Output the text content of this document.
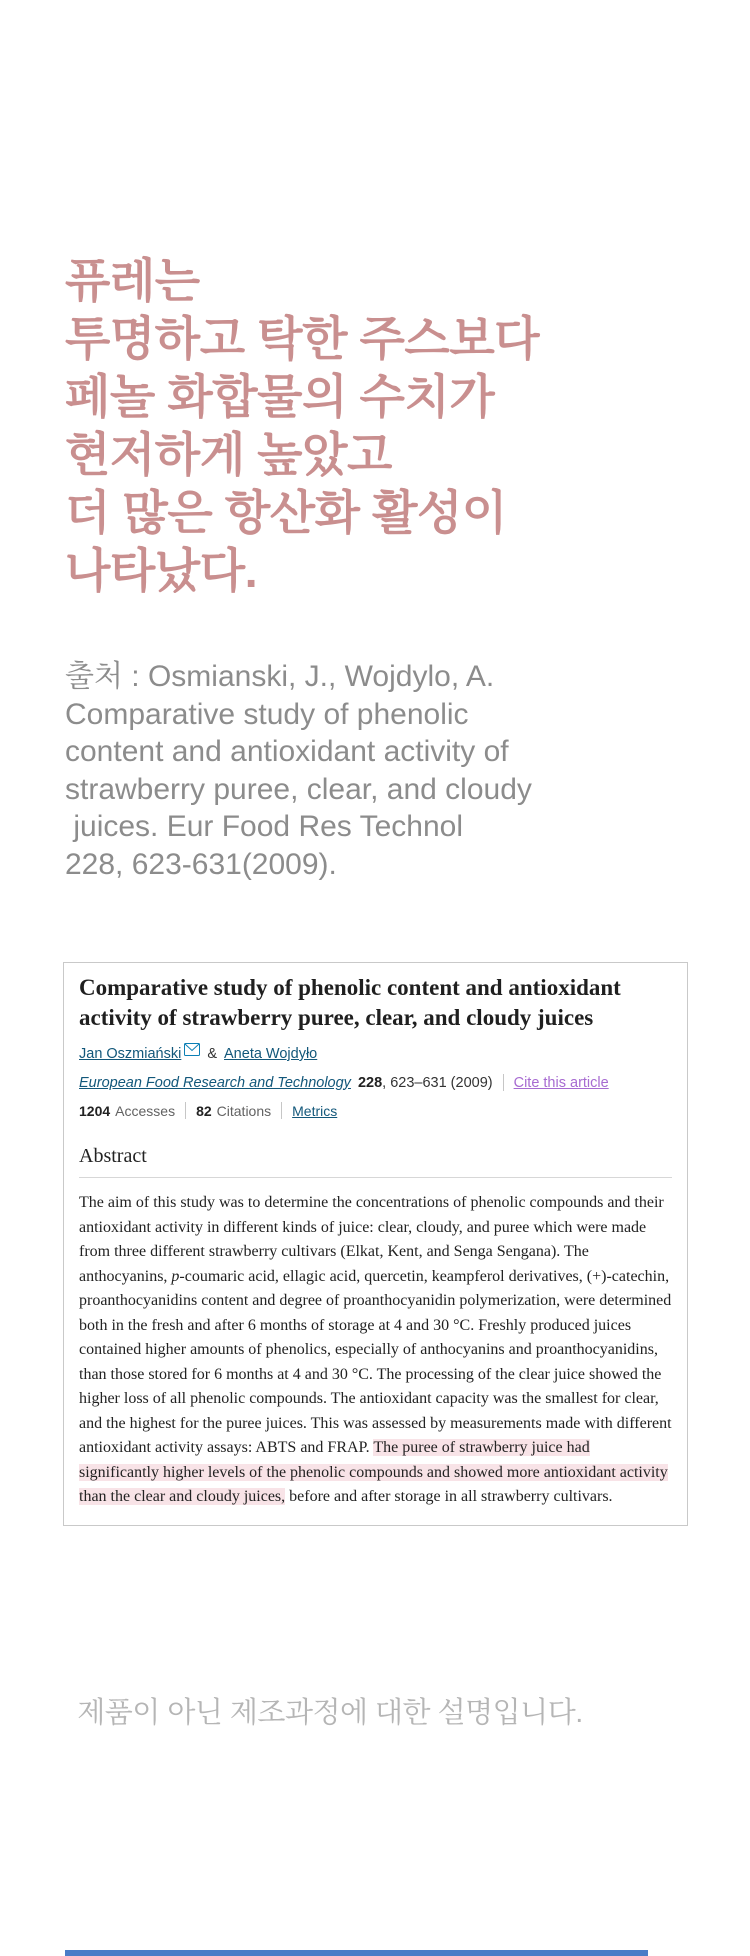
퓨레는
투명하고 탁한 주스보다
페놀 화합물의 수치가
현저하게 높았고
더 많은 항산화 활성이
나타났다.
출처 : Osmianski, J., Wojdylo, A.
Comparative study of phenolic
content and antioxidant activity of
strawberry puree, clear, and cloudy
juices. Eur Food Res Technol
228, 623-631(2009).
Comparative study of phenolic content and antioxidant activity of strawberry puree, clear, and cloudy juices
Jan Oszmiański & Aneta Wojdyło
European Food Research and Technology 228 , 623–631 (2009) Cite this article
1204 Accesses 82 Citations Metrics
Abstract

The aim of this study was to determine the concentrations of phenolic compounds and their antioxidant activity in different kinds of juice: clear, cloudy, and puree which were made from three different strawberry cultivars (Elkat, Kent, and Senga Sengana). The anthocyanins, p-coumaric acid, ellagic acid, quercetin, keampferol derivatives, (+)-catechin, proanthocyanidins content and degree of proanthocyanidin polymerization, were determined both in the fresh and after 6 months of storage at 4 and 30 °C. Freshly produced juices contained higher amounts of phenolics, especially of anthocyanins and proanthocyanidins, than those stored for 6 months at 4 and 30 °C. The processing of the clear juice showed the higher loss of all phenolic compounds. The antioxidant capacity was the smallest for clear, and the highest for the puree juices. This was assessed by measurements made with different antioxidant activity assays: ABTS and FRAP. The puree of strawberry juice had significantly higher levels of the phenolic compounds and showed more antioxidant activity than the clear and cloudy juices, before and after storage in all strawberry cultivars.

제품이 아닌 제조과정에 대한 설명입니다.
